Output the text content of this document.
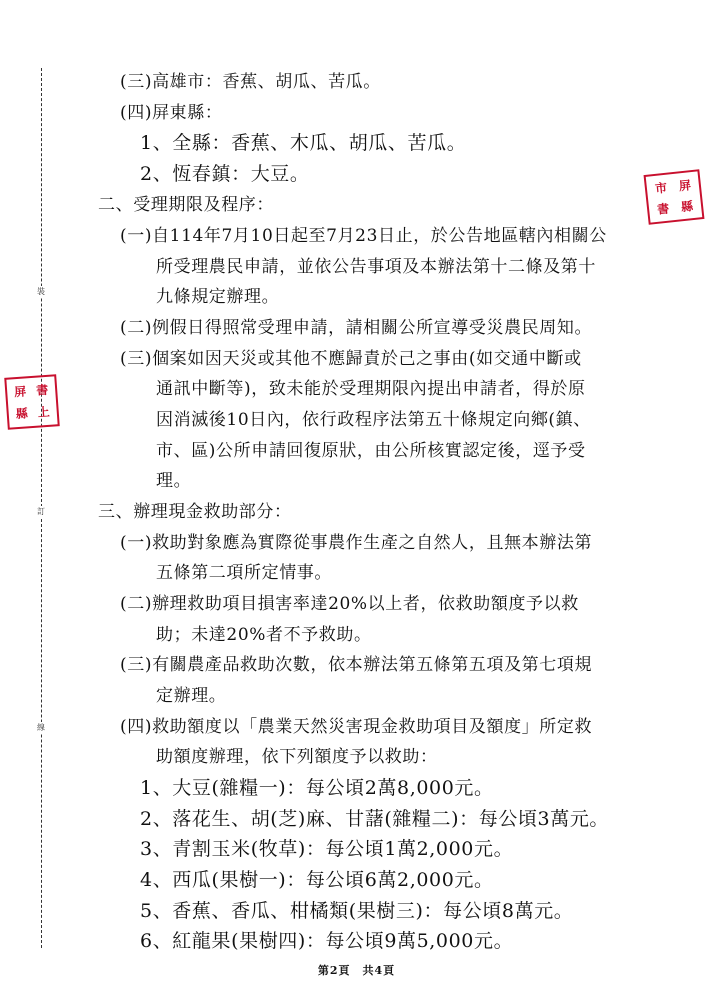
裝
訂
線
市 屏
書 縣
屏 書
縣 上
(三)高雄市：香蕉、胡瓜、苦瓜。
(四)屏東縣：
1、全縣：香蕉、木瓜、胡瓜、苦瓜。
2、恆春鎮：大豆。
二、受理期限及程序：
(一)自114年7月10日起至7月23日止，於公告地區轄內相關公
所受理農民申請，並依公告事項及本辦法第十二條及第十
九條規定辦理。
(二)例假日得照常受理申請，請相關公所宣導受災農民周知。
(三)個案如因天災或其他不應歸責於己之事由(如交通中斷或
通訊中斷等)，致未能於受理期限內提出申請者，得於原
因消滅後10日內，依行政程序法第五十條規定向鄉(鎮、
市、區)公所申請回復原狀，由公所核實認定後，逕予受
理。
三、辦理現金救助部分：
(一)救助對象應為實際從事農作生產之自然人，且無本辦法第
五條第二項所定情事。
(二)辦理救助項目損害率達20%以上者，依救助額度予以救
助；未達20%者不予救助。
(三)有關農產品救助次數，依本辦法第五條第五項及第七項規
定辦理。
(四)救助額度以「農業天然災害現金救助項目及額度」所定救
助額度辦理，依下列額度予以救助：
1、大豆(雜糧一)：每公頃2萬8,000元。
2、落花生、胡(芝)麻、甘藷(雜糧二)：每公頃3萬元。
3、青割玉米(牧草)：每公頃1萬2,000元。
4、西瓜(果樹一)：每公頃6萬2,000元。
5、香蕉、香瓜、柑橘類(果樹三)：每公頃8萬元。
6、紅龍果(果樹四)：每公頃9萬5,000元。
第2頁　共4頁
